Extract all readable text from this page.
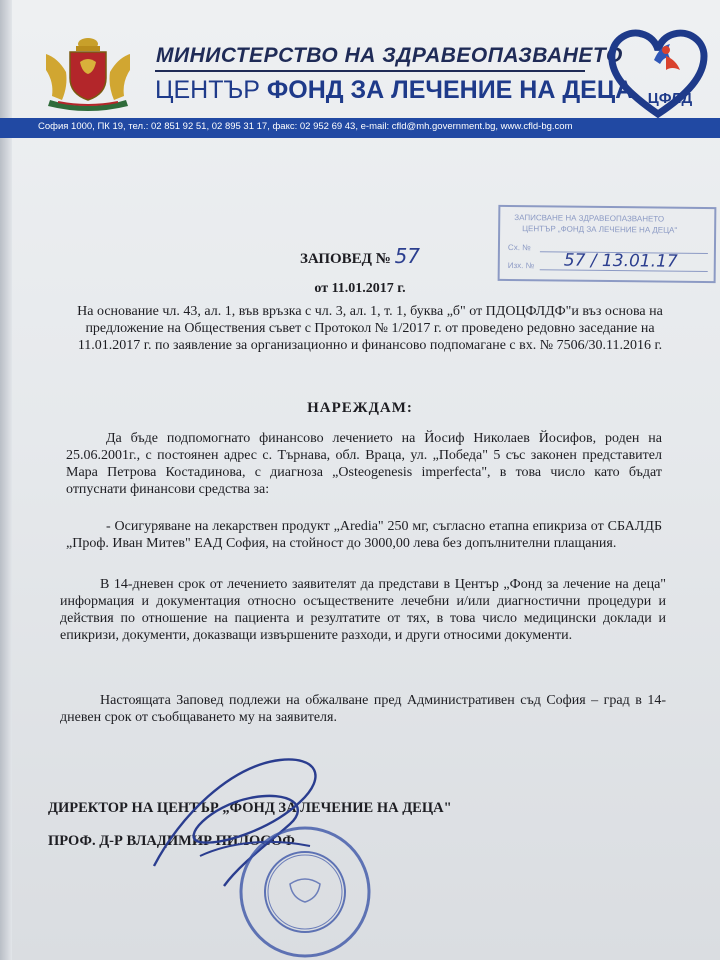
МИНИСТЕРСТВО НА ЗДРАВЕОПАЗВАНЕТО
ЦЕНТЪР ФОНД ЗА ЛЕЧЕНИЕ НА ДЕЦА ЦФЛД
София 1000, ПК 19, тел.: 02 851 92 51, 02 895 31 17, факс: 02 952 69 43, e-mail: cfld@mh.government.bg, www.cfld-bg.com
ЗАПИСВАНЕ НА ЗДРАВЕОПАЗВАНЕТО
ЦЕНТЪР „ФОНД ЗА ЛЕЧЕНИЕ НА ДЕЦА"
Сх. №
Изх. № 57 / 13.01.17
ЗАПОВЕД № 57
от 11.01.2017 г.
На основание чл. 43, ал. 1, във връзка с чл. 3, ал. 1, т. 1, буква „б" от ПДОЦФЛДФ"и въз основа на предложение на Обществения съвет с Протокол № 1/2017 г. от проведено редовно заседание на 11.01.2017 г. по заявление за организационно и финансово подпомагане с вх. № 7506/30.11.2016 г.
НАРЕЖДАМ:
Да бъде подпомогнато финансово лечението на Йосиф Николаев Йосифов, роден на 25.06.2001г., с постоянен адрес с. Търнава, обл. Враца, ул. „Победа" 5 със законен представител Мара Петрова Костадинова, с диагноза „Osteogenesis imperfecta", в това число като бъдат отпуснати финансови средства за:
- Осигуряване на лекарствен продукт „Aredia" 250 мг, съгласно етапна епикриза от СБАЛДБ „Проф. Иван Митев" ЕАД София, на стойност до 3000,00 лева без допълнителни плащания.
В 14-дневен срок от лечението заявителят да представи в Център „Фонд за лечение на деца" информация и документация относно осъществените лечебни и/или диагностични процедури и действия по отношение на пациента и резултатите от тях, в това число медицински доклади и епикризи, документи, доказващи извършените разходи, и други относими документи.
Настоящата Заповед подлежи на обжалване пред Административен съд София – град в 14-дневен срок от съобщаването му на заявителя.
ДИРЕКТОР НА ЦЕНТЪР „ФОНД ЗА ЛЕЧЕНИЕ НА ДЕЦА"
ПРОФ. Д-Р ВЛАДИМИР ПИЛОСОФ
